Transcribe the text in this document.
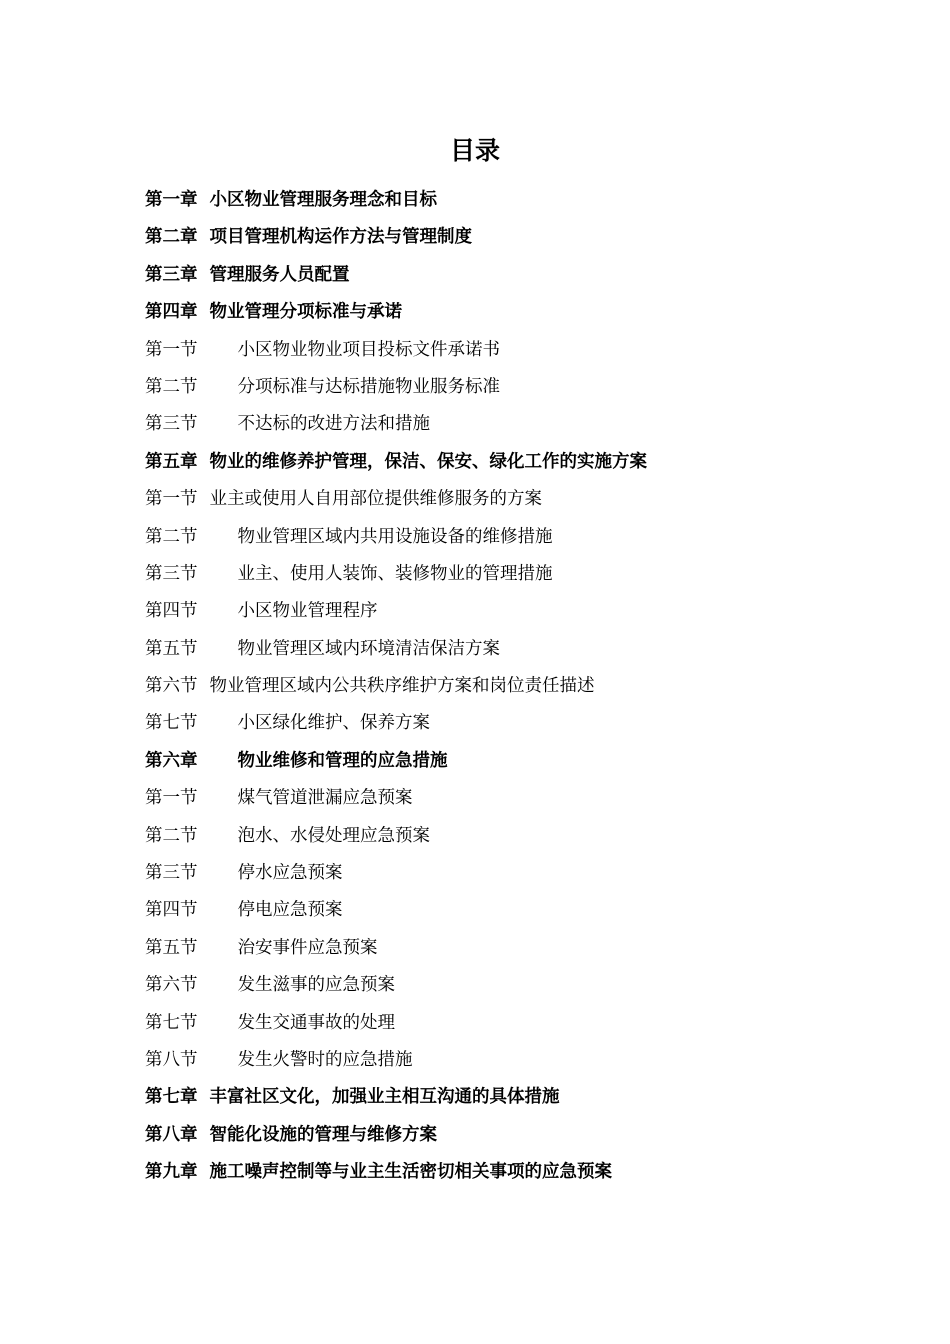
目录
第一章 小区物业管理服务理念和目标
第二章 项目管理机构运作方法与管理制度
第三章 管理服务人员配置
第四章 物业管理分项标准与承诺
第一节 小区物业物业项目投标文件承诺书
第二节 分项标准与达标措施物业服务标准
第三节 不达标的改进方法和措施
第五章 物业的维修养护管理，保洁、保安、绿化工作的实施方案
第一节 业主或使用人自用部位提供维修服务的方案
第二节 物业管理区域内共用设施设备的维修措施
第三节 业主、使用人装饰、装修物业的管理措施
第四节 小区物业管理程序
第五节 物业管理区域内环境清洁保洁方案
第六节 物业管理区域内公共秩序维护方案和岗位责任描述
第七节 小区绿化维护、保养方案
第六章 物业维修和管理的应急措施
第一节 煤气管道泄漏应急预案
第二节 泡水、水侵处理应急预案
第三节 停水应急预案
第四节 停电应急预案
第五节 治安事件应急预案
第六节 发生滋事的应急预案
第七节 发生交通事故的处理
第八节 发生火警时的应急措施
第七章 丰富社区文化，加强业主相互沟通的具体措施
第八章 智能化设施的管理与维修方案
第九章 施工噪声控制等与业主生活密切相关事项的应急预案
